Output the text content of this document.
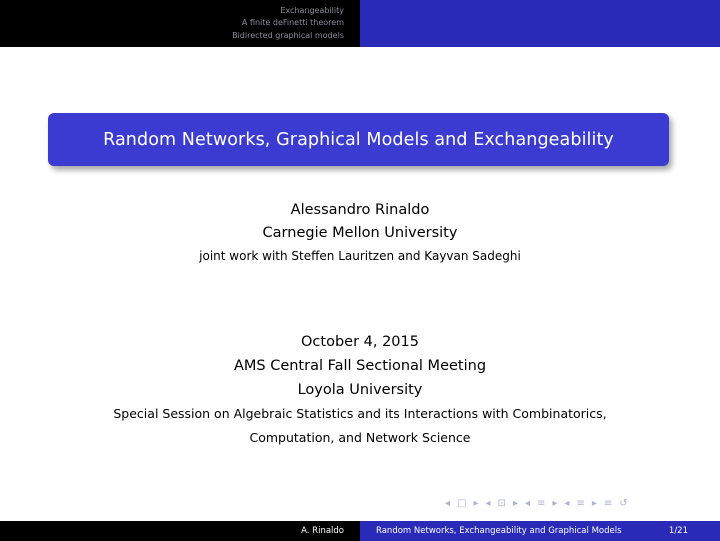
Exchangeability
A finite deFinetti theorem
Bidirected graphical models
Random Networks, Graphical Models and Exchangeability
Alessandro Rinaldo
Carnegie Mellon University
joint work with Steffen Lauritzen and Kayvan Sadeghi
October 4, 2015
AMS Central Fall Sectional Meeting
Loyola University
Special Session on Algebraic Statistics and its Interactions with Combinatorics,
Computation, and Network Science
◂ □ ▸ ◂ ⊡ ▸ ◂ ≡ ▸ ◂ ≡ ▸ ≡ ↺
A. Rinaldo	Random Networks, Exchangeability and Graphical Models	1/21
